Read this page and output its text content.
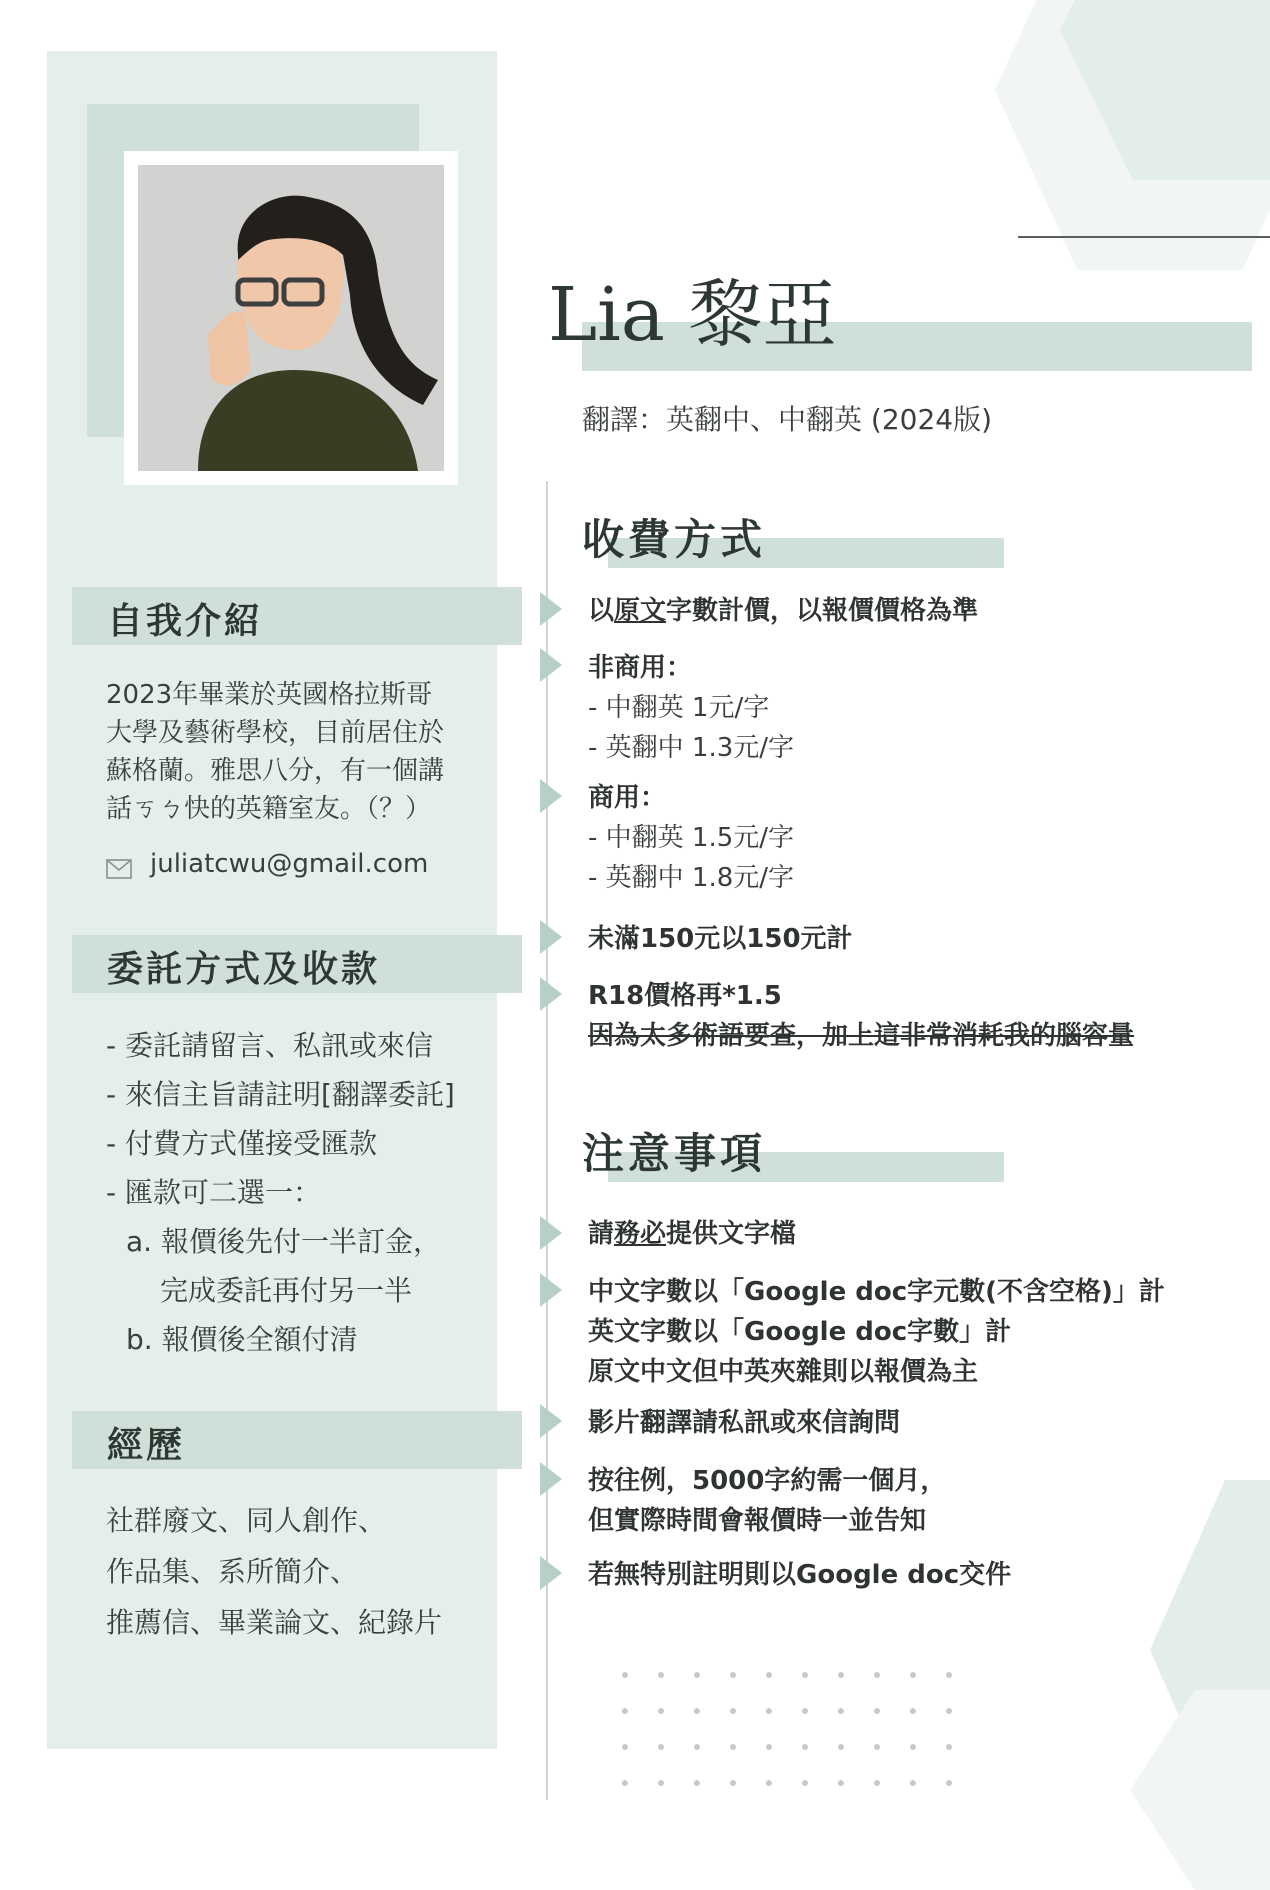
自我介紹
2023年畢業於英國格拉斯哥
大學及藝術學校，目前居住於
蘇格蘭。雅思八分，有一個講
話ㄎㄅ快的英籍室友。（？）
juliatcwu@gmail.com
委託方式及收款
- 委託請留言、私訊或來信
- 來信主旨請註明[翻譯委託]
- 付費方式僅接受匯款
- 匯款可二選一：
a. 報價後先付一半訂金，
完成委託再付另一半
b. 報價後全額付清
經歷
社群廢文、同人創作、
作品集、系所簡介、
推薦信、畢業論文、紀錄片
Lia 黎亞
翻譯：英翻中、中翻英 (2024版)
收費方式
以原文字數計價，以報價價格為準
非商用：
- 中翻英 1元/字
- 英翻中 1.3元/字
商用：
- 中翻英 1.5元/字
- 英翻中 1.8元/字
未滿150元以150元計
R18價格再*1.5
因為太多術語要查，加上這非常消耗我的腦容量
注意事項
請務必提供文字檔
中文字數以「Google doc字元數(不含空格)」計
英文字數以「Google doc字數」計
原文中文但中英夾雜則以報價為主
影片翻譯請私訊或來信詢問
按往例，5000字約需一個月，
但實際時間會報價時一並告知
若無特別註明則以Google doc交件
